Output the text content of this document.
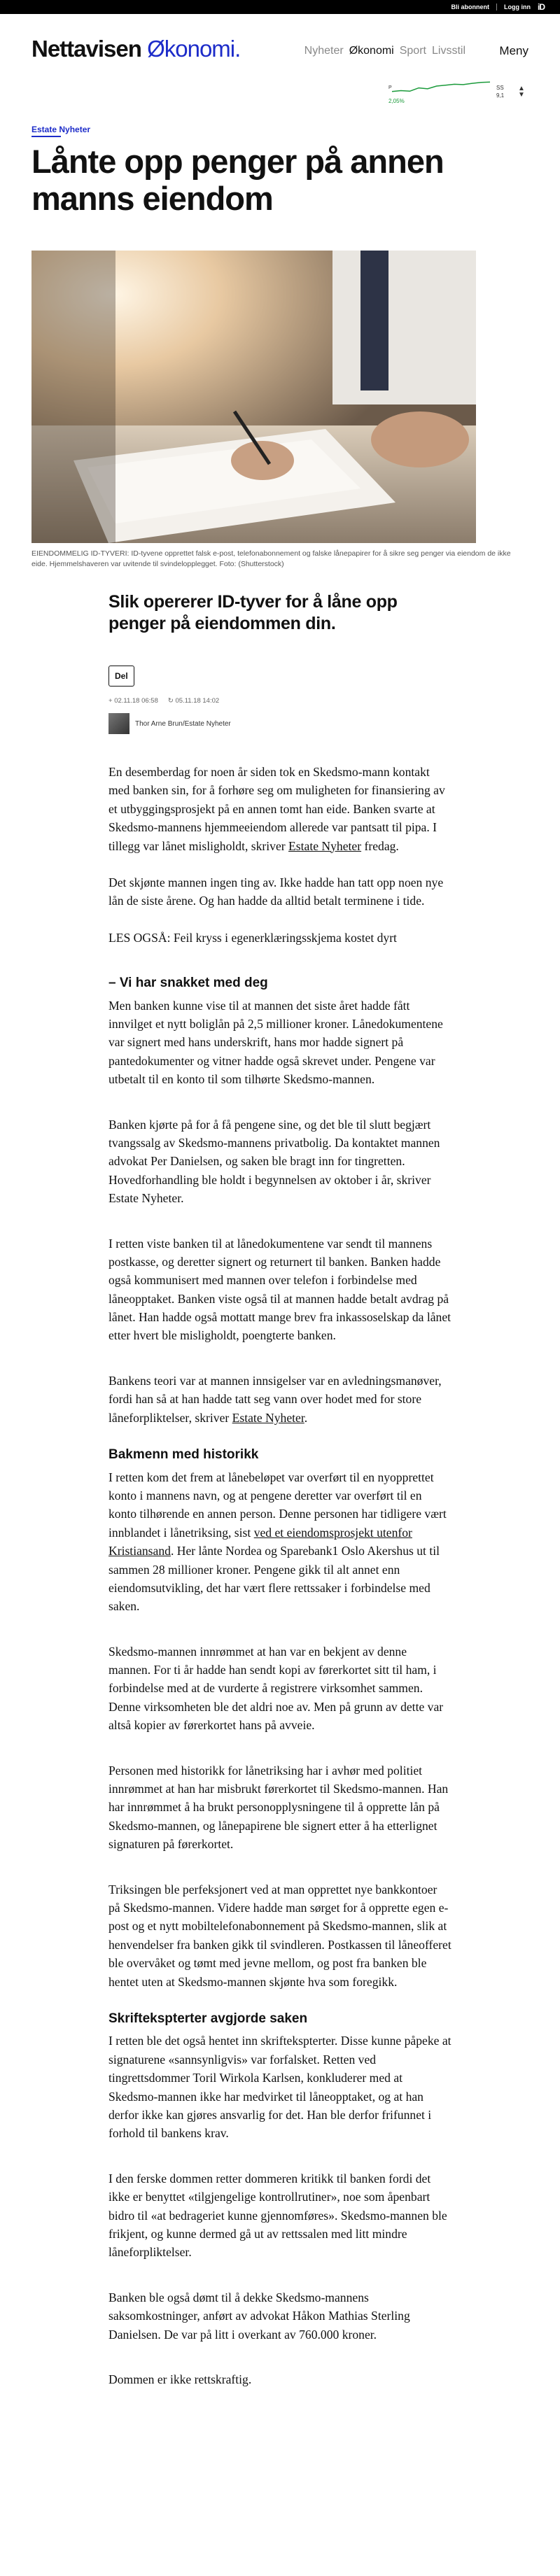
Bli abonnent Logg inn iD
Nettavisen Økonomi.	Nyheter Økonomi Sport Livsstil	Meny
P
2,05%
SS
9,1
▲
▼
Estate Nyheter
Lånte opp penger på annen manns eiendom
EIENDOMMELIG ID-TYVERI: ID-tyvene opprettet falsk e-post, telefonabonnement og falske lånepapirer for å sikre seg penger via eiendom de ikke eide. Hjemmelshaveren var uvitende til svindelopplegget. Foto: (Shutterstock)
Slik opererer ID-tyver for å låne opp penger på eiendommen din.
Del
+ 02.11.18 06:58 ↻ 05.11.18 14:02
Thor Arne Brun/Estate Nyheter

En desemberdag for noen år siden tok en Skedsmo-mann kontakt med banken sin, for å forhøre seg om muligheten for finansiering av et utbyggingsprosjekt på en annen tomt han eide. Banken svarte at Skedsmo-mannens hjemmeeiendom allerede var pantsatt til pipa. I tillegg var lånet misligholdt, skriver Estate Nyheter fredag.

Det skjønte mannen ingen ting av. Ikke hadde han tatt opp noen nye lån de siste årene. Og han hadde da alltid betalt terminene i tide.

LES OGSÅ: Feil kryss i egenerklæringsskjema kostet dyrt

– Vi har snakket med deg

Men banken kunne vise til at mannen det siste året hadde fått innvilget et nytt boliglån på 2,5 millioner kroner. Lånedokumentene var signert med hans underskrift, hans mor hadde signert på pantedokumenter og vitner hadde også skrevet under. Pengene var utbetalt til en konto til som tilhørte Skedsmo-mannen.

Banken kjørte på for å få pengene sine, og det ble til slutt begjært tvangssalg av Skedsmo-mannens privatbolig. Da kontaktet mannen advokat Per Danielsen, og saken ble bragt inn for tingretten. Hovedforhandling ble holdt i begynnelsen av oktober i år, skriver Estate Nyheter.

I retten viste banken til at lånedokumentene var sendt til mannens postkasse, og deretter signert og returnert til banken. Banken hadde også kommunisert med mannen over telefon i forbindelse med låneopptaket. Banken viste også til at mannen hadde betalt avdrag på lånet. Han hadde også mottatt mange brev fra inkassoselskap da lånet etter hvert ble misligholdt, poengterte banken.

Bankens teori var at mannen innsigelser var en avledningsmanøver, fordi han så at han hadde tatt seg vann over hodet med for store låneforpliktelser, skriver Estate Nyheter.

Bakmenn med historikk

I retten kom det frem at lånebeløpet var overført til en nyopprettet konto i mannens navn, og at pengene deretter var overført til en konto tilhørende en annen person. Denne personen har tidligere vært innblandet i lånetriksing, sist ved et eiendomsprosjekt utenfor Kristiansand. Her lånte Nordea og Sparebank1 Oslo Akershus ut til sammen 28 millioner kroner. Pengene gikk til alt annet enn eiendomsutvikling, det har vært flere rettssaker i forbindelse med saken.

Skedsmo-mannen innrømmet at han var en bekjent av denne mannen. For ti år hadde han sendt kopi av førerkortet sitt til ham, i forbindelse med at de vurderte å registrere virksomhet sammen. Denne virksomheten ble det aldri noe av. Men på grunn av dette var altså kopier av førerkortet hans på avveie.

Personen med historikk for lånetriksing har i avhør med politiet innrømmet at han har misbrukt førerkortet til Skedsmo-mannen. Han har innrømmet å ha brukt personopplysningene til å opprette lån på Skedsmo-mannen, og lånepapirene ble signert etter å ha etterlignet signaturen på førerkortet.

Triksingen ble perfeksjonert ved at man opprettet nye bankkontoer på Skedsmo-mannen. Videre hadde man sørget for å opprette egen e-post og et nytt mobiltelefonabonnement på Skedsmo-mannen, slik at henvendelser fra banken gikk til svindleren. Postkassen til låneofferet ble overvåket og tømt med jevne mellom, og post fra banken ble hentet uten at Skedsmo-mannen skjønte hva som foregikk.

Skriftekspterter avgjorde saken

I retten ble det også hentet inn skriftekspterter. Disse kunne påpeke at signaturene «sannsynligvis» var forfalsket. Retten ved tingrettsdommer Toril Wirkola Karlsen, konkluderer med at Skedsmo-mannen ikke har medvirket til låneopptaket, og at han derfor ikke kan gjøres ansvarlig for det. Han ble derfor frifunnet i forhold til bankens krav.

I den ferske dommen retter dommeren kritikk til banken fordi det ikke er benyttet «tilgjengelige kontrollrutiner», noe som åpenbart bidro til «at bedrageriet kunne gjennomføres». Skedsmo-mannen ble frikjent, og kunne dermed gå ut av rettssalen med litt mindre låneforpliktelser.

Banken ble også dømt til å dekke Skedsmo-mannens saksomkostninger, anført av advokat Håkon Mathias Sterling Danielsen. De var på litt i overkant av 760.000 kroner.

Dommen er ikke rettskraftig.
